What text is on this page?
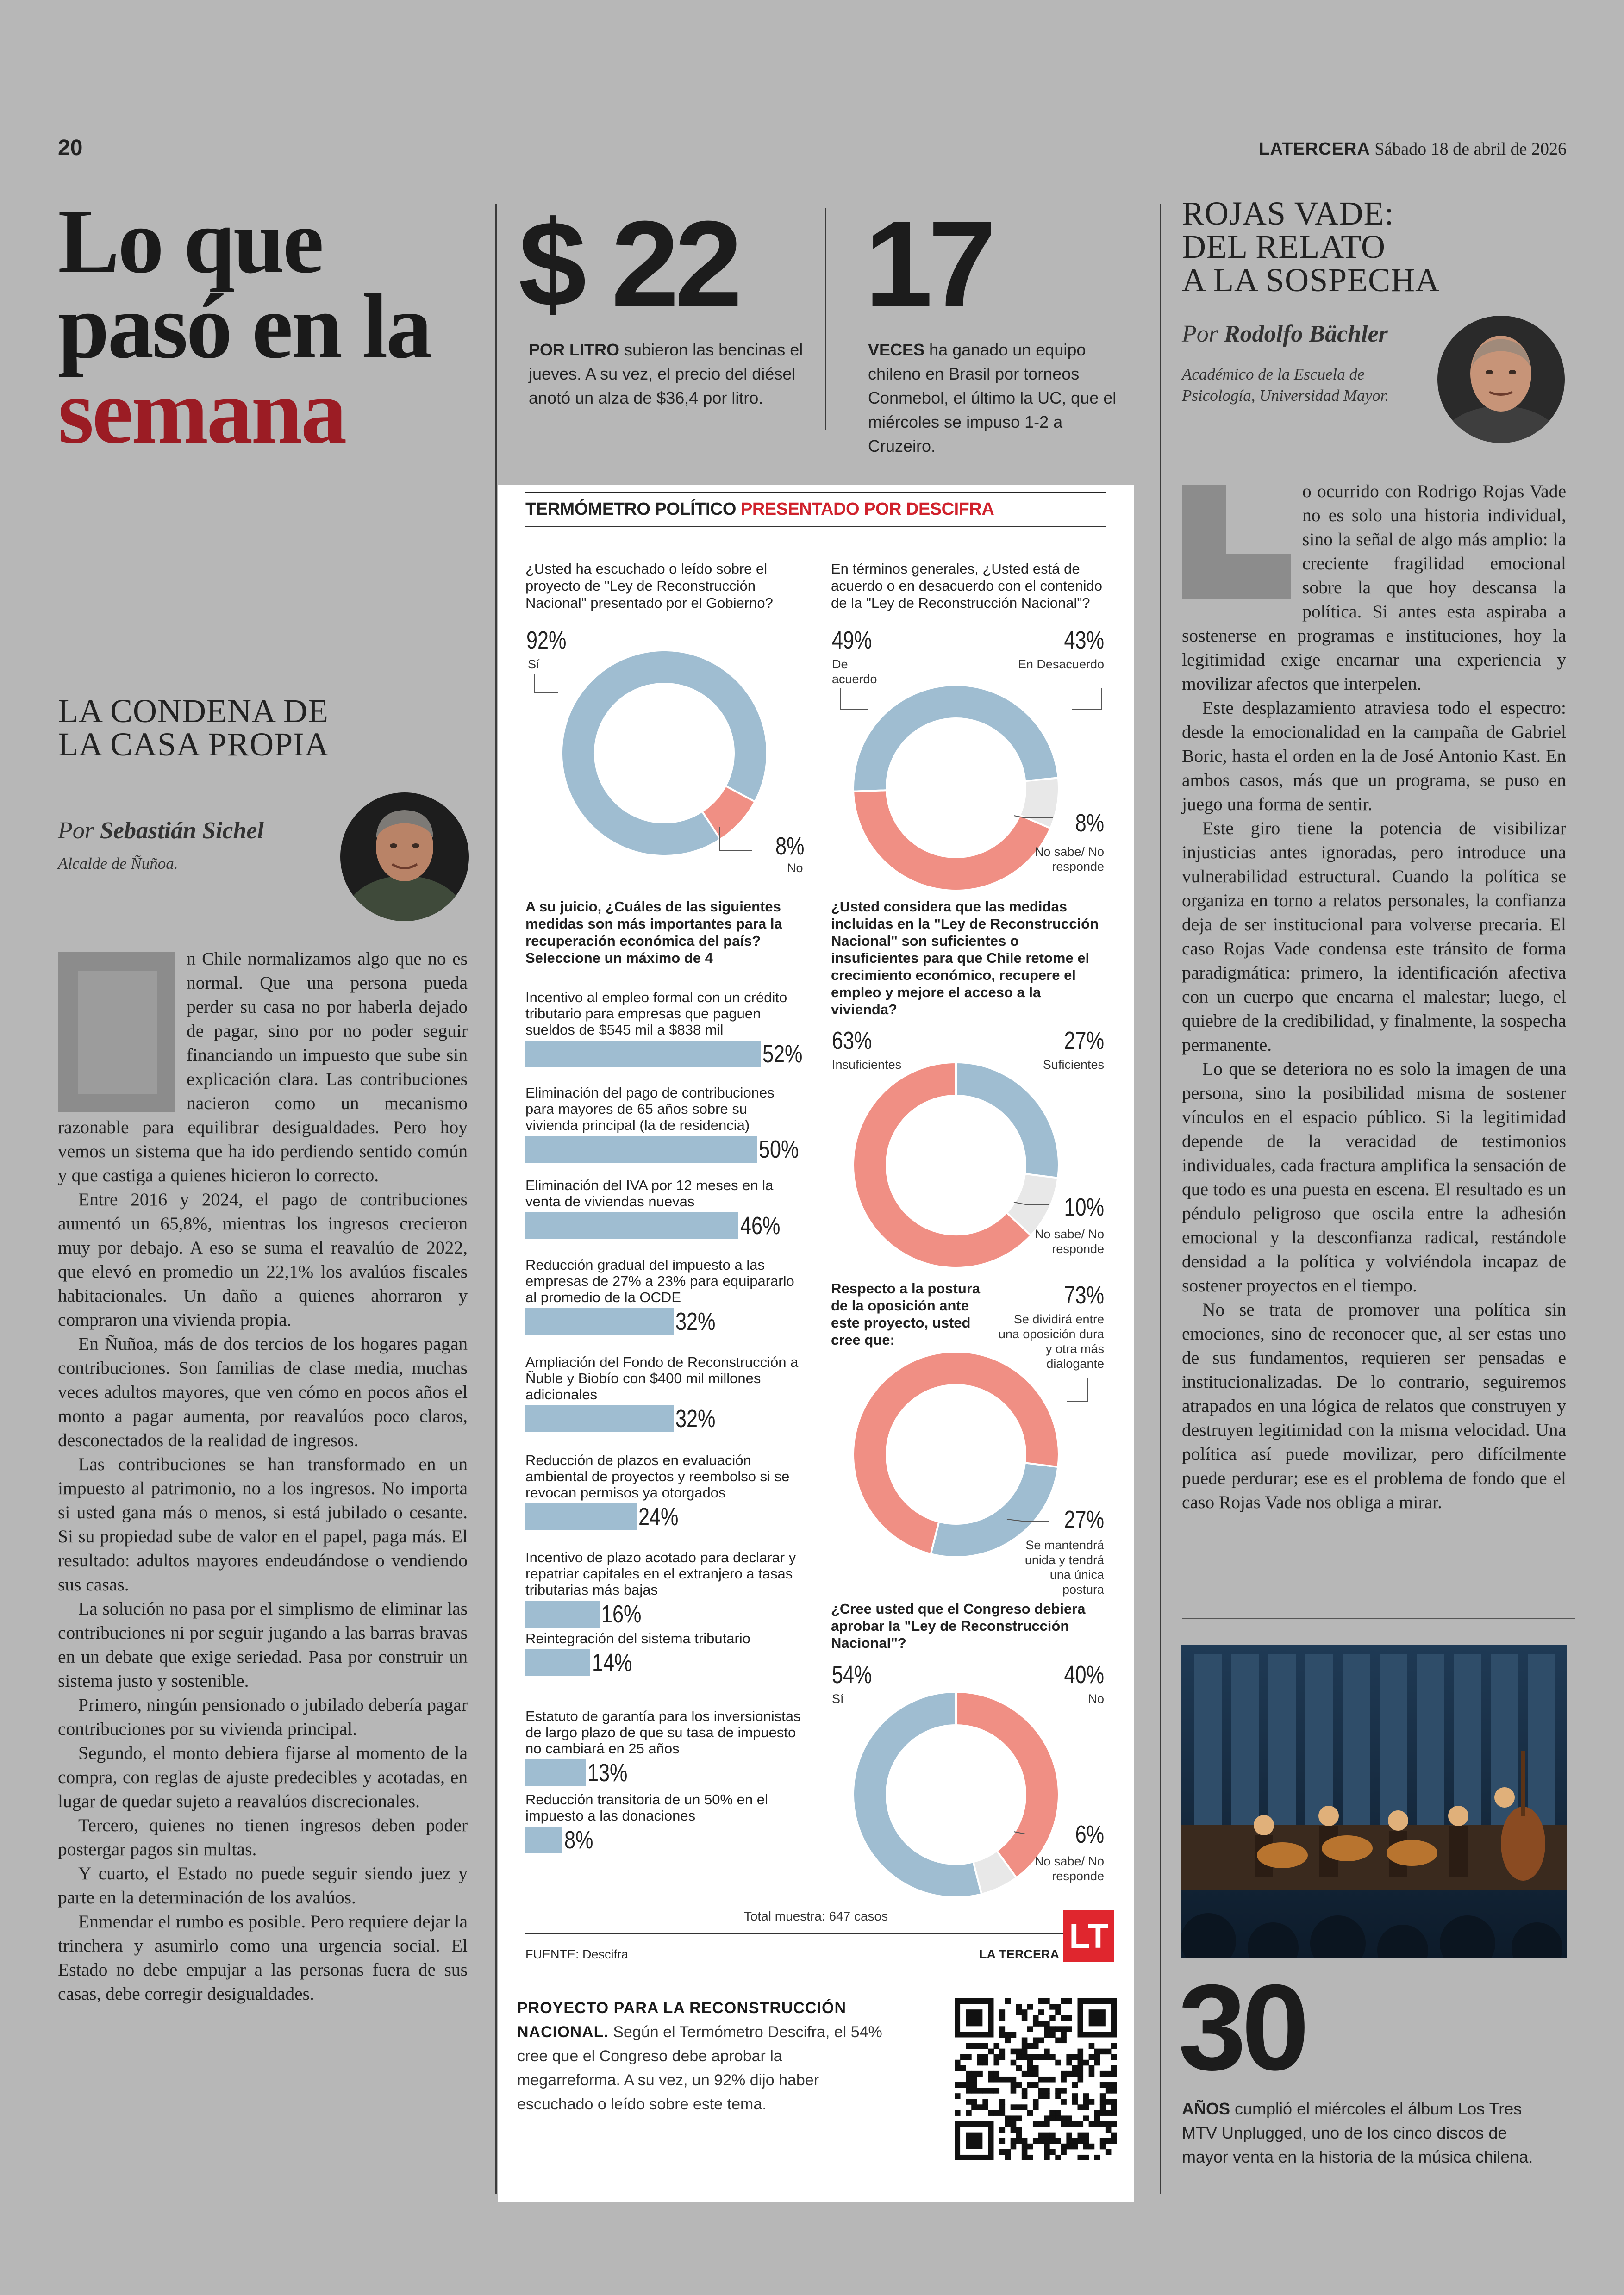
20	LATERCERA Sábado 18 de abril de 2026
Lo que
pasó en la
semana
$ 22
POR LITRO subieron las bencinas el jueves. A su vez, el precio del diésel anotó un alza de $36,4 por litro.
17
VECES ha ganado un equipo chileno en Brasil por torneos Conmebol, el último la UC, que el miércoles se impuso 1-2 a Cruzeiro.
LA CONDENA DE
LA CASA PROPIA
Por Sebastián Sichel
Alcalde de Ñuñoa.

n Chile normalizamos algo que no es normal. Que una persona pueda perder su casa no por haberla dejado de pagar, sino por no poder seguir financiando un impuesto que sube sin explicación clara. Las contribuciones nacieron como un mecanismo razonable para equilibrar desigualdades. Pero hoy vemos un sistema que ha ido perdiendo sentido común y que castiga a quienes hicieron lo correcto.

Entre 2016 y 2024, el pago de contribuciones aumentó un 65,8%, mientras los ingresos crecieron muy por debajo. A eso se suma el reavalúo de 2022, que elevó en promedio un 22,1% los avalúos fiscales habitacionales. Un daño a quienes ahorraron y compraron una vivienda propia.

En Ñuñoa, más de dos tercios de los hogares pagan contribuciones. Son familias de clase media, muchas veces adultos mayores, que ven cómo en pocos años el monto a pagar aumenta, por reavalúos poco claros, desconectados de la realidad de ingresos.

Las contribuciones se han transformado en un impuesto al patrimonio, no a los ingresos. No importa si usted gana más o menos, si está jubilado o cesante. Si su propiedad sube de valor en el papel, paga más. El resultado: adultos mayores endeudándose o vendiendo sus casas.

La solución no pasa por el simplismo de eliminar las contribuciones ni por seguir jugando a las barras bravas en un debate que exige seriedad. Pasa por construir un sistema justo y sostenible.

Primero, ningún pensionado o jubilado debería pagar contribuciones por su vivienda principal.

Segundo, el monto debiera fijarse al momento de la compra, con reglas de ajuste predecibles y acotadas, en lugar de quedar sujeto a reavalúos discrecionales.

Tercero, quienes no tienen ingresos deben poder postergar pagos sin multas.

Y cuarto, el Estado no puede seguir siendo juez y parte en la determinación de los avalúos.

Enmendar el rumbo es posible. Pero requiere dejar la trinchera y asumirlo como una urgencia social. El Estado no debe empujar a las personas fuera de sus casas, debe corregir desigualdades.

TERMÓMETRO POLÍTICO PRESENTADO POR DESCIFRA
¿Usted ha escuchado o leído sobre el proyecto de "Ley de Reconstrucción Nacional" presentado por el Gobierno?
92%
Sí
8%
No
En términos generales, ¿Usted está de acuerdo o en desacuerdo con el contenido de la "Ley de Reconstrucción Nacional"?
49%
De acuerdo
43%
En Desacuerdo
8%
No sabe/ No responde
A su juicio, ¿Cuáles de las siguientes medidas son más importantes para la recuperación económica del país? Seleccione un máximo de 4
Incentivo al empleo formal con un crédito tributario para empresas que paguen sueldos de $545 mil a $838 mil
52%
Eliminación del pago de contribuciones para mayores de 65 años sobre su vivienda principal (la de residencia)
50%
Eliminación del IVA por 12 meses en la venta de viviendas nuevas
46%
Reducción gradual del impuesto a las empresas de 27% a 23% para equipararlo al promedio de la OCDE
32%
Ampliación del Fondo de Reconstrucción a Ñuble y Biobío con $400 mil millones adicionales
32%
Reducción de plazos en evaluación ambiental de proyectos y reembolso si se revocan permisos ya otorgados
24%
Incentivo de plazo acotado para declarar y repatriar capitales en el extranjero a tasas tributarias más bajas
16%
Reintegración del sistema tributario
14%
Estatuto de garantía para los inversionistas de largo plazo de que su tasa de impuesto no cambiará en 25 años
13%
Reducción transitoria de un 50% en el impuesto a las donaciones
8%
¿Usted considera que las medidas incluidas en la "Ley de Reconstrucción Nacional" son suficientes o insuficientes para que Chile retome el crecimiento económico, recupere el empleo y mejore el acceso a la vivienda?
63%
Insuficientes
27%
Suficientes
10%
No sabe/ No responde
Respecto a la postura de la oposición ante este proyecto, usted cree que:
73%
Se dividirá entre una oposición dura y otra más dialogante
27%
Se mantendrá unida y tendrá una única postura
¿Cree usted que el Congreso debiera aprobar la "Ley de Reconstrucción Nacional"?
54%
Sí
40%
No
6%
No sabe/ No responde
Total muestra: 647 casos
FUENTE: Descifra	LA TERCERA LT
PROYECTO PARA LA RECONSTRUCCIÓN NACIONAL. Según el Termómetro Descifra, el 54% cree que el Congreso debe aprobar la megarreforma. A su vez, un 92% dijo haber escuchado o leído sobre este tema.
ROJAS VADE:
DEL RELATO
A LA SOSPECHA
Por Rodolfo Bächler
Académico de la Escuela de
Psicología, Universidad Mayor.

o ocurrido con Rodrigo Rojas Vade no es solo una historia individual, sino la señal de algo más amplio: la creciente fragilidad emocional sobre la que hoy descansa la política. Si antes esta aspiraba a sostenerse en programas e instituciones, hoy la legitimidad exige encarnar una experiencia y movilizar afectos que interpelen.

Este desplazamiento atraviesa todo el espectro: desde la emocionalidad en la campaña de Gabriel Boric, hasta el orden en la de José Antonio Kast. En ambos casos, más que un programa, se puso en juego una forma de sentir.

Este giro tiene la potencia de visibilizar injusticias antes ignoradas, pero introduce una vulnerabilidad estructural. Cuando la política se organiza en torno a relatos personales, la confianza deja de ser institucional para volverse precaria. El caso Rojas Vade condensa este tránsito de forma paradigmática: primero, la identificación afectiva con un cuerpo que encarna el malestar; luego, el quiebre de la credibilidad, y finalmente, la sospecha permanente.

Lo que se deteriora no es solo la imagen de una persona, sino la posibilidad misma de sostener vínculos en el espacio público. Si la legitimidad depende de la veracidad de testimonios individuales, cada fractura amplifica la sensación de que todo es una puesta en escena. El resultado es un péndulo peligroso que oscila entre la adhesión emocional y la desconfianza radical, restándole densidad a la política y volviéndola incapaz de sostener proyectos en el tiempo.

No se trata de promover una política sin emociones, sino de reconocer que, al ser estas uno de sus fundamentos, requieren ser pensadas e institucionalizadas. De lo contrario, seguiremos atrapados en una lógica de relatos que construyen y destruyen legitimidad con la misma velocidad. Una política así puede movilizar, pero difícilmente puede perdurar; ese es el problema de fondo que el caso Rojas Vade nos obliga a mirar.

30
AÑOS cumplió el miércoles el álbum Los Tres MTV Unplugged, uno de los cinco discos de mayor venta en la historia de la música chilena.
